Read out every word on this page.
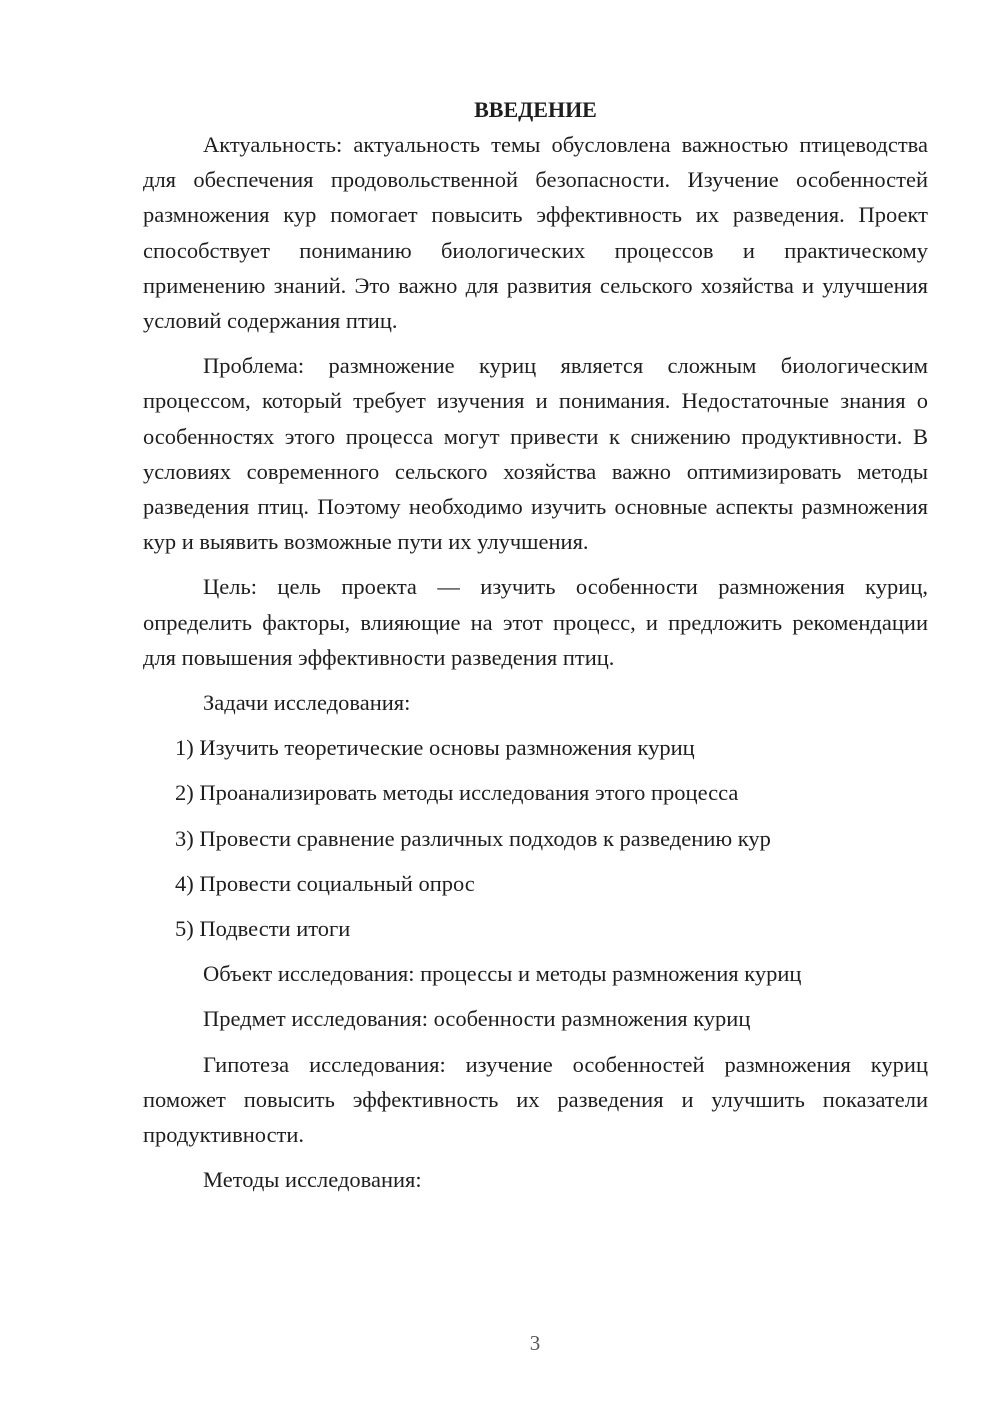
ВВЕДЕНИЕ

Актуальность: актуальность темы обусловлена важностью птицеводства для обеспечения продовольственной безопасности. Изучение особенностей размножения кур помогает повысить эффективность их разведения. Проект способствует пониманию биологических процессов и практическому применению знаний. Это важно для развития сельского хозяйства и улучшения условий содержания птиц.

Проблема: размножение куриц является сложным биологическим процессом, который требует изучения и понимания. Недостаточные знания о особенностях этого процесса могут привести к снижению продуктивности. В условиях современного сельского хозяйства важно оптимизировать методы разведения птиц. Поэтому необходимо изучить основные аспекты размножения кур и выявить возможные пути их улучшения.

Цель: цель проекта — изучить особенности размножения куриц, определить факторы, влияющие на этот процесс, и предложить рекомендации для повышения эффективности разведения птиц.

Задачи исследования:
1) Изучить теоретические основы размножения куриц
2) Проанализировать методы исследования этого процесса
3) Провести сравнение различных подходов к разведению кур
4) Провести социальный опрос
5) Подвести итоги
Объект исследования: процессы и методы размножения куриц
Предмет исследования: особенности размножения куриц

Гипотеза исследования: изучение особенностей размножения куриц поможет повысить эффективность их разведения и улучшить показатели продуктивности.

Методы исследования:
3
